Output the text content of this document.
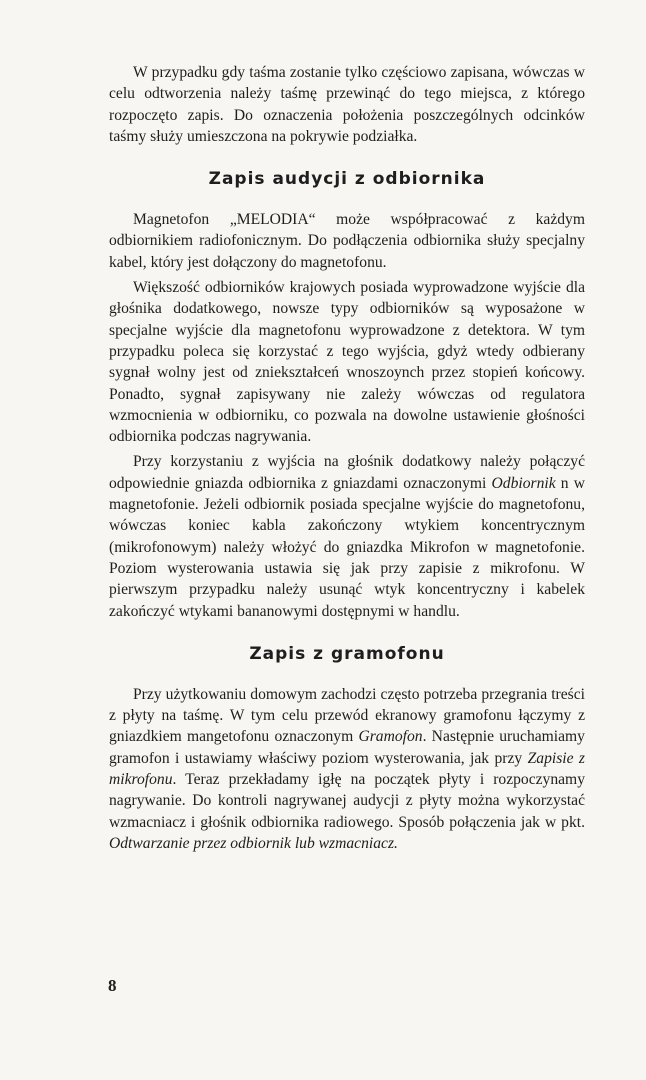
W przypadku gdy taśma zostanie tylko częściowo zapisana, wówczas w celu odtworzenia należy taśmę przewinąć do tego miejsca, z którego rozpoczęto zapis. Do oznaczenia położenia poszczególnych odcinków taśmy służy umieszczona na pokrywie podziałka.

Zapis audycji z odbiornika

Magnetofon „MELODIA“ może współpracować z każdym odbiornikiem radiofonicznym. Do podłączenia odbiornika służy specjalny kabel, który jest dołączony do magnetofonu.

Większość odbiorników krajowych posiada wyprowadzone wyjście dla głośnika dodatkowego, nowsze typy odbiorników są wyposażone w specjalne wyjście dla magnetofonu wyprowadzone z detektora. W tym przypadku poleca się korzystać z tego wyjścia, gdyż wtedy odbierany sygnał wolny jest od zniekształceń wnoszoynch przez stopień końcowy. Ponadto, sygnał zapisywany nie zależy wówczas od regulatora wzmocnienia w odbiorniku, co pozwala na dowolne ustawienie głośności odbiornika podczas nagrywania.

Przy korzystaniu z wyjścia na głośnik dodatkowy należy połączyć odpowiednie gniazda odbiornika z gniazdami oznaczonymi Odbiornik n w magnetofonie. Jeżeli odbiornik posiada specjalne wyjście do magnetofonu, wówczas koniec kabla zakończony wtykiem koncentrycznym (mikrofonowym) należy włożyć do gniazdka Mikrofon w magnetofonie. Poziom wysterowania ustawia się jak przy zapisie z mikrofonu. W pierwszym przypadku należy usunąć wtyk koncentryczny i kabelek zakończyć wtykami bananowymi dostępnymi w handlu.

Zapis z gramofonu

Przy użytkowaniu domowym zachodzi często potrzeba przegrania treści z płyty na taśmę. W tym celu przewód ekranowy gramofonu łączymy z gniazdkiem mangetofonu oznaczonym Gramofon. Następnie uruchamiamy gramofon i ustawiamy właściwy poziom wysterowania, jak przy Zapisie z mikrofonu. Teraz przekładamy igłę na początek płyty i rozpoczynamy nagrywanie. Do kontroli nagrywanej audycji z płyty można wykorzystać wzmacniacz i głośnik odbiornika radiowego. Sposób połączenia jak w pkt. Odtwarzanie przez odbiornik lub wzmacniacz.

8
